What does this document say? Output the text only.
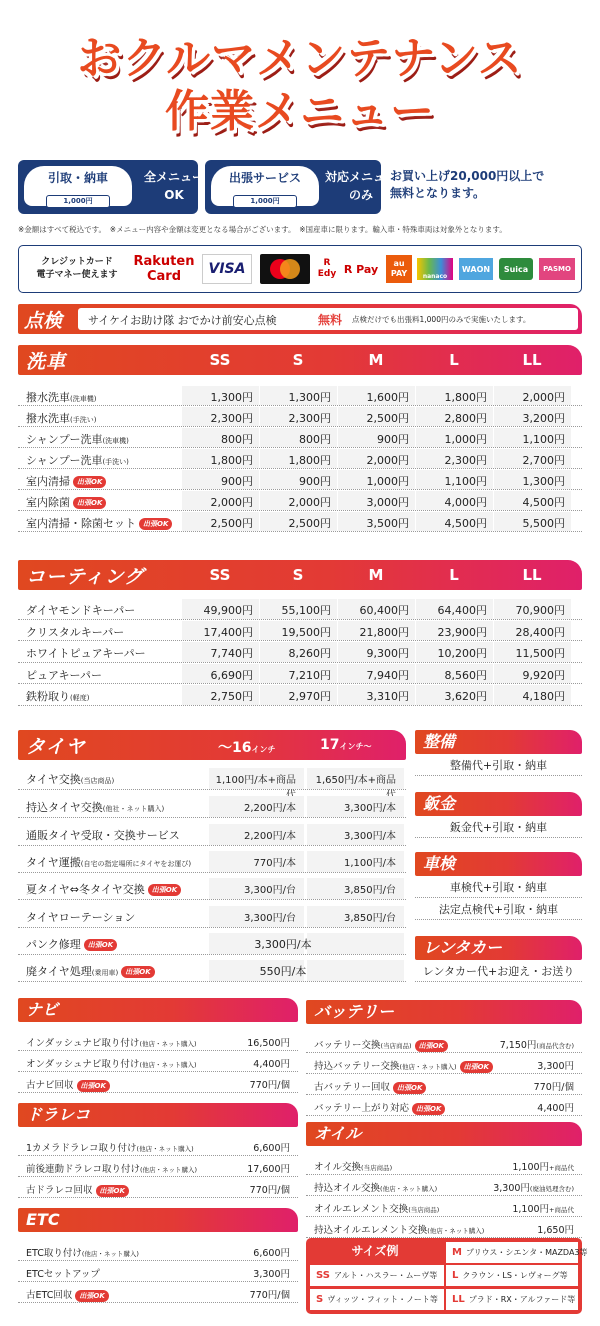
おクルマメンテナンス
作業メニュー
引取・納車
1,000円
全メニュー
OK
出張サービス
1,000円
対応メニュー
のみ
お買い上げ20,000円以上で
無料となります。
※金額はすべて税込です。　※メニュー内容や金額は変更となる場合がございます。　※国産車に限ります。輸入車・特殊車両は対象外となります。
クレジットカード
電子マネー使えます
Rakuten
Card	VISA	R
Edy R Pay	au
PAY	nanaco
WAON	Suica	PASMO
点検 サイケイお助け隊 おでかけ前安心点検	無料 点検だけでも出張料1,000円のみで実施いたします。
洗車	SS	S	M	L	LL
撥水洗車(洗車機)	1,300円	1,300円	1,600円	1,800円	2,000円
撥水洗車(手洗い)	2,300円	2,300円	2,500円	2,800円	3,200円
シャンプー洗車(洗車機)	800円	800円	900円	1,000円	1,100円
シャンプー洗車(手洗い)	1,800円	1,800円	2,000円	2,300円	2,700円
室内清掃 出張OK	900円	900円	1,000円	1,100円	1,300円
室内除菌 出張OK	2,000円	2,000円	3,000円	4,000円	4,500円
室内清掃・除菌セット 出張OK	2,500円	2,500円	3,500円	4,500円	5,500円
コーティング	SS	S	M	L	LL
ダイヤモンドキーパー	49,900円	55,100円	60,400円	64,400円	70,900円
クリスタルキーパー	17,400円	19,500円	21,800円	23,900円	28,400円
ホワイトピュアキーパー	7,740円	8,260円	9,300円	10,200円	11,500円
ピュアキーパー	6,690円	7,210円	7,940円	8,560円	9,920円
鉄粉取り(軽度)	2,750円	2,970円	3,310円	3,620円	4,180円
タイヤ	〜16インチ	17インチ〜
タイヤ交換(当店商品)	1,100円/本+商品	1,650円/本+商品
持込タイヤ交換(他社・ネット購入)	2,200円/本	3,300円/本
通販タイヤ受取・交換サービス	2,200円/本	3,300円/本
タイヤ運搬(自宅の指定場所にタイヤをお運び)	770円/本	1,100円/本
夏タイヤ⇔冬タイヤ交換 出張OK	3,300円/台	3,850円/台
タイヤローテーション	3,300円/台	3,850円/台
パンク修理 出張OK	3,300円/本
廃タイヤ処理(乗用車) 出張OK	550円/本
整備
整備代+引取・納車
鈑金
鈑金代+引取・納車
車検
車検代+引取・納車
法定点検代+引取・納車
レンタカー
レンタカー代+お迎え・お送り
ナビ
インダッシュナビ取り付け(他店・ネット購入)	16,500円
オンダッシュナビ取り付け(他店・ネット購入)	4,400円
古ナビ回収 出張OK	770円/個
ドラレコ
1カメラドラレコ取り付け(他店・ネット購入)	6,600円
前後連動ドラレコ取り付け(他店・ネット購入)	17,600円
古ドラレコ回収 出張OK	770円/個
ETC
ETC取り付け(他店・ネット購入)	6,600円
ETCセットアップ	3,300円
古ETC回収 出張OK	770円/個
バッテリー
バッテリー交換(当店商品) 出張OK	7,150円(商品代含む)
持込バッテリー交換(他店・ネット購入) 出張OK	3,300円
古バッテリー回収 出張OK	770円/個
バッテリー上がり対応 出張OK	4,400円
オイル
オイル交換(当店商品)	1,100円+商品代
持込オイル交換(他店・ネット購入)	3,300円(廃油処理含む)
オイルエレメント交換(当店商品)	1,100円+商品代
持込オイルエレメント交換(他店・ネット購入)	1,650円
サイズ例
SS アルト・ハスラー・ムーヴ等
S ヴィッツ・フィット・ノート等
M プリウス・シエンタ・MAZDA3等
L クラウン・LS・レヴォーグ等
LL プラド・RX・アルファード等
